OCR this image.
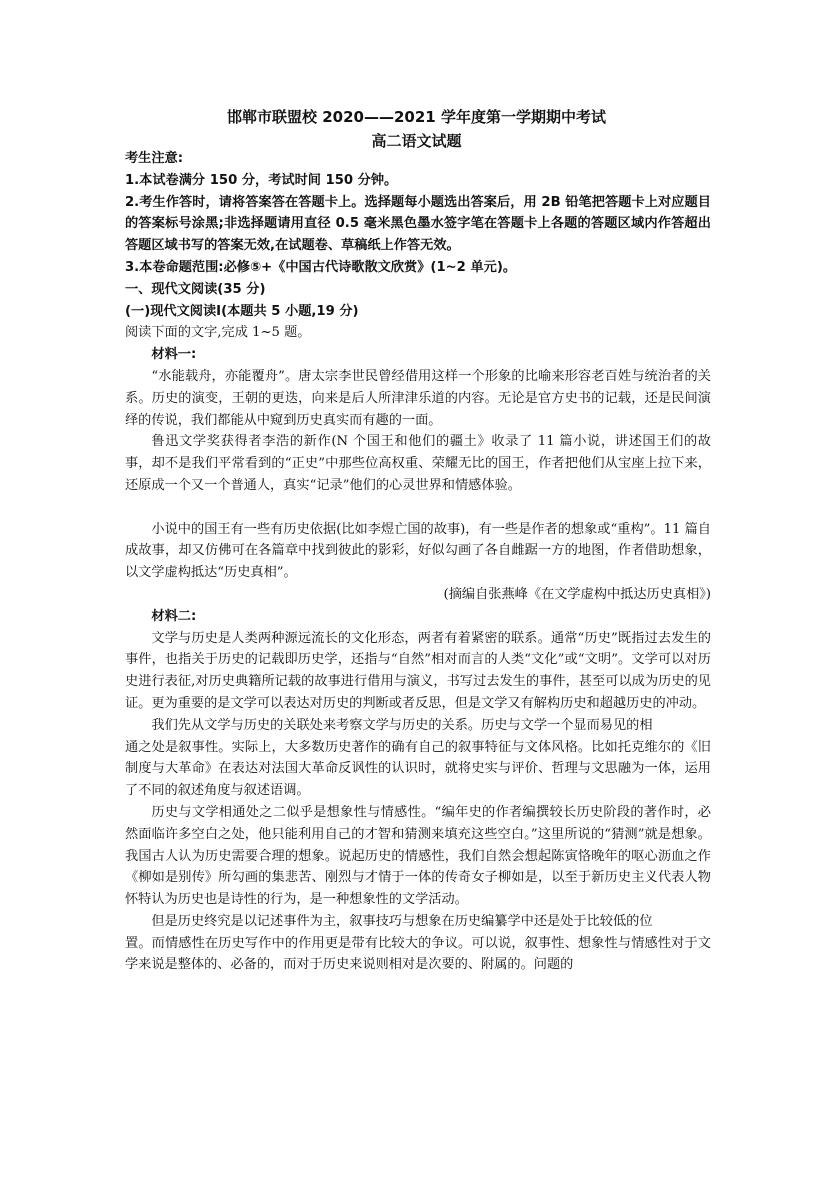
邯郸市联盟校 2020——2021 学年度第一学期期中考试
高二语文试题

考生注意:

1.本试卷满分 150 分，考试时间 150 分钟。

2.考生作答时，请将答案答在答题卡上。选择题每小题选出答案后，用 2B 铅笔把答题卡上对应题目的答案标号涂黑;非选择题请用直径 0.5 毫米黑色墨水签字笔在答题卡上各题的答题区域内作答超出答题区域书写的答案无效,在试题卷、草稿纸上作答无效。

3.本卷命题范围:必修⑤+《中国古代诗歌散文欣赏》(1~2 单元)。

一、现代文阅读(35 分)

(一)现代文阅读Ⅰ(本题共 5 小题,19 分)

阅读下面的文字,完成 1~5 题。

材料一:

“水能载舟，亦能覆舟”。唐太宗李世民曾经借用这样一个形象的比喻来形容老百姓与统治者的关系。历史的演变，王朝的更迭，向来是后人所津津乐道的内容。无论是官方史书的记载，还是民间演绎的传说，我们都能从中窥到历史真实而有趣的一面。

鲁迅文学奖获得者李浩的新作(N 个国王和他们的疆土》收录了 11 篇小说，讲述国王们的故事，却不是我们平常看到的“正史”中那些位高权重、荣耀无比的国王，作者把他们从宝座上拉下来，还原成一个又一个普通人，真实“记录”他们的心灵世界和情感体验。

小说中的国王有一些有历史依据(比如李煜亡国的故事)，有一些是作者的想象或“重构”。11 篇自成故事，却又仿佛可在各篇章中找到彼此的影彩，好似勾画了各自雌踞一方的地图，作者借助想象，以文学虚构抵达“历史真相”。

(摘编自张燕峰《在文学虚构中抵达历史真相》)

材料二:

文学与历史是人类两种源远流长的文化形态，两者有着紧密的联系。通常“历史”既指过去发生的事件，也指关于历史的记载即历史学，还指与“自然”相对而言的人类“文化”或“文明”。文学可以对历史进行表征,对历史典籍所记载的故事进行借用与演义，书写过去发生的事件，甚至可以成为历史的见证。更为重要的是文学可以表达对历史的判断或者反思，但是文学又有解构历史和超越历史的冲动。

我们先从文学与历史的关联处来考察文学与历史的关系。历史与文学一个显而易见的相

通之处是叙事性。实际上，大多数历史著作的确有自己的叙事特征与文体风格。比如托克维尔的《旧制度与大革命》在表达对法国大革命反讽性的认识时，就将史实与评价、哲理与文思融为一体，运用了不同的叙述角度与叙述语调。

历史与文学相通处之二似乎是想象性与情感性。“编年史的作者编撰较长历史阶段的著作时，必然面临许多空白之处，他只能利用自己的才智和猜测来填充这些空白。”这里所说的“猜测”就是想象。我国古人认为历史需要合理的想象。说起历史的情感性，我们自然会想起陈寅恪晚年的呕心沥血之作《柳如是别传》所勾画的集悲苦、刚烈与才情于一体的传奇女子柳如是，以至于新历史主义代表人物怀特认为历史也是诗性的行为，是一种想象性的文学活动。

但是历史终究是以记述事件为主，叙事技巧与想象在历史编纂学中还是处于比较低的位

置。而情感性在历史写作中的作用更是带有比较大的争议。可以说，叙事性、想象性与情感性对于文学来说是整体的、必备的，而对于历史来说则相对是次要的、附属的。问题的
